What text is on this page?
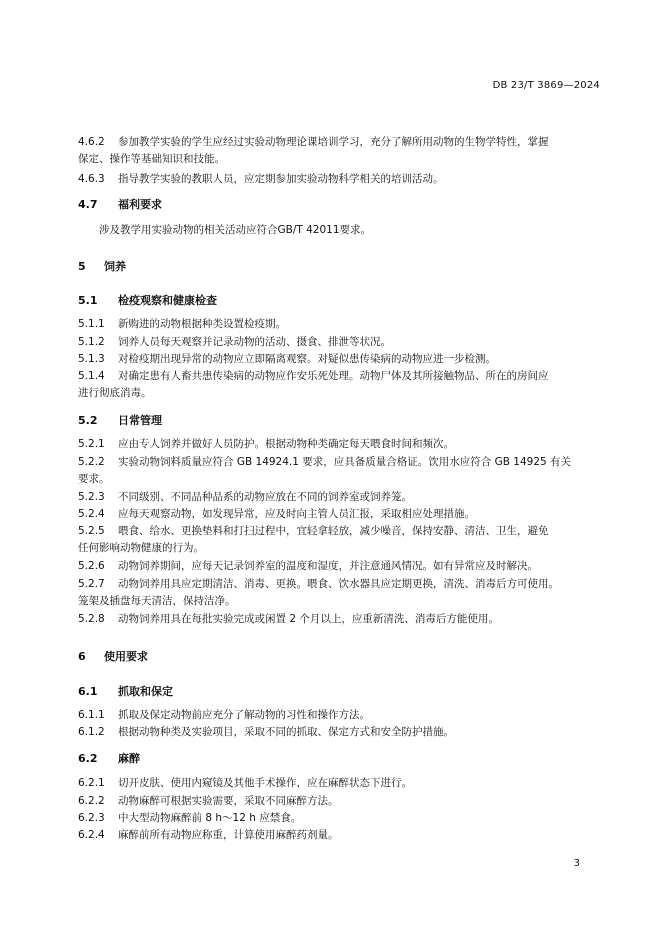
DB 23/T 3869—2024
4.6.2 参加教学实验的学生应经过实验动物理论课培训学习，充分了解所用动物的生物学特性，掌握
保定、操作等基础知识和技能。
4.6.3 指导教学实验的教职人员，应定期参加实验动物科学相关的培训活动。
4.7 福利要求
涉及教学用实验动物的相关活动应符合GB/T 42011要求。
5 饲养
5.1 检疫观察和健康检查
5.1.1 新购进的动物根据种类设置检疫期。
5.1.2 饲养人员每天观察并记录动物的活动、摄食、排泄等状况。
5.1.3 对检疫期出现异常的动物应立即隔离观察。对疑似患传染病的动物应进一步检测。
5.1.4 对确定患有人畜共患传染病的动物应作安乐死处理。动物尸体及其所接触物品、所在的房间应
进行彻底消毒。
5.2 日常管理
5.2.1 应由专人饲养并做好人员防护。根据动物种类确定每天喂食时间和频次。
5.2.2 实验动物饲料质量应符合 GB 14924.1 要求，应具备质量合格证。饮用水应符合 GB 14925 有关
要求。
5.2.3 不同级别、不同品种品系的动物应放在不同的饲养室或饲养笼。
5.2.4 应每天观察动物，如发现异常，应及时向主管人员汇报，采取相应处理措施。
5.2.5 喂食、给水、更换垫料和打扫过程中，宜轻拿轻放，减少噪音，保持安静、清洁、卫生，避免
任何影响动物健康的行为。
5.2.6 动物饲养期间，应每天记录饲养室的温度和湿度，并注意通风情况。如有异常应及时解决。
5.2.7 动物饲养用具应定期清洁、消毒、更换。喂食、饮水器具应定期更换，清洗、消毒后方可使用。
笼架及插盘每天清洁，保持洁净。
5.2.8 动物饲养用具在每批实验完成或闲置 2 个月以上，应重新清洗、消毒后方能使用。
6 使用要求
6.1 抓取和保定
6.1.1 抓取及保定动物前应充分了解动物的习性和操作方法。
6.1.2 根据动物种类及实验项目，采取不同的抓取、保定方式和安全防护措施。
6.2 麻醉
6.2.1 切开皮肤、使用内窥镜及其他手术操作，应在麻醉状态下进行。
6.2.2 动物麻醉可根据实验需要，采取不同麻醉方法。
6.2.3 中大型动物麻醉前 8 h～12 h 应禁食。
6.2.4 麻醉前所有动物应称重，计算使用麻醉药剂量。
3
